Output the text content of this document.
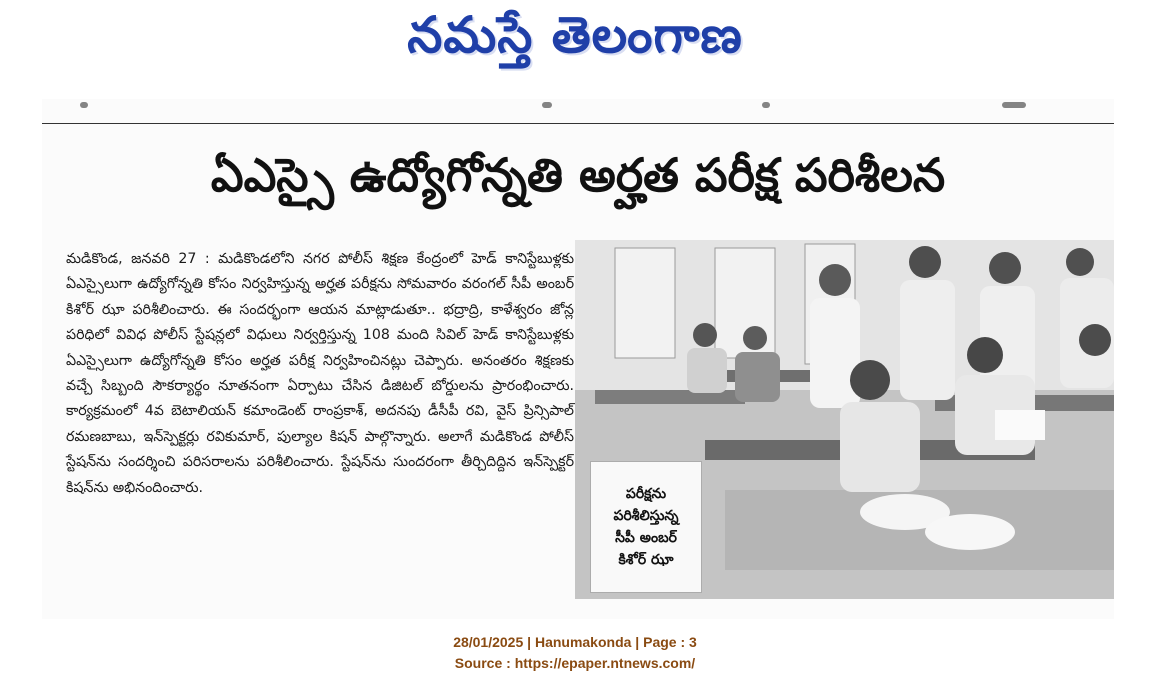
నమస్తే తెలంగాణ
ఏఎస్సై ఉద్యోగోన్నతి అర్హత పరీక్ష పరిశీలన

మడికొండ, జనవరి 27 : మడికొండలోని నగర పోలీస్ శిక్షణ కేంద్రంలో హెడ్ కానిస్టేబుళ్లకు ఏఎస్సైలుగా ఉద్యోగోన్నతి కోసం నిర్వహిస్తున్న అర్హత పరీక్షను సోమవారం వరంగల్ సీపీ అంబర్ కిశోర్ ఝా పరిశీలించారు. ఈ సందర్భంగా ఆయన మాట్లాడుతూ.. భద్రాద్రి, కాళేశ్వరం జోన్ల పరిధిలో వివిధ పోలీస్ స్టేషన్లలో విధులు నిర్వర్తిస్తున్న 108 మంది సివిల్ హెడ్ కానిస్టేబుళ్లకు ఏఎస్సైలుగా ఉద్యోగోన్నతి కోసం అర్హత పరీక్ష నిర్వహించినట్లు చెప్పారు. అనంతరం శిక్షణకు వచ్చే సిబ్బంది సౌకర్యార్థం నూతనంగా ఏర్పాటు చేసిన డిజిటల్ బోర్డులను ప్రారంభించారు. కార్యక్రమంలో 4వ బెటాలియన్ కమాండెంట్ రాంప్రకాశ్, అదనపు డీసీపీ రవి, వైస్ ప్రిన్సిపాల్ రమణబాబు, ఇన్‌స్పెక్టర్లు రవికుమార్, పుల్యాల కిషన్ పాల్గొన్నారు. అలాగే మడికొండ పోలీస్ స్టేషన్‌ను సందర్శించి పరిసరాలను పరిశీలించారు. స్టేషన్‌ను సుందరంగా తీర్చిదిద్దిన ఇన్‌స్పెక్టర్ కిషన్‌ను అభినందించారు.	పరీక్షను
పరిశీలిస్తున్న
సీపీ అంబర్
కిశోర్ ఝా
28/01/2025 | Hanumakonda | Page : 3
Source : https://epaper.ntnews.com/
